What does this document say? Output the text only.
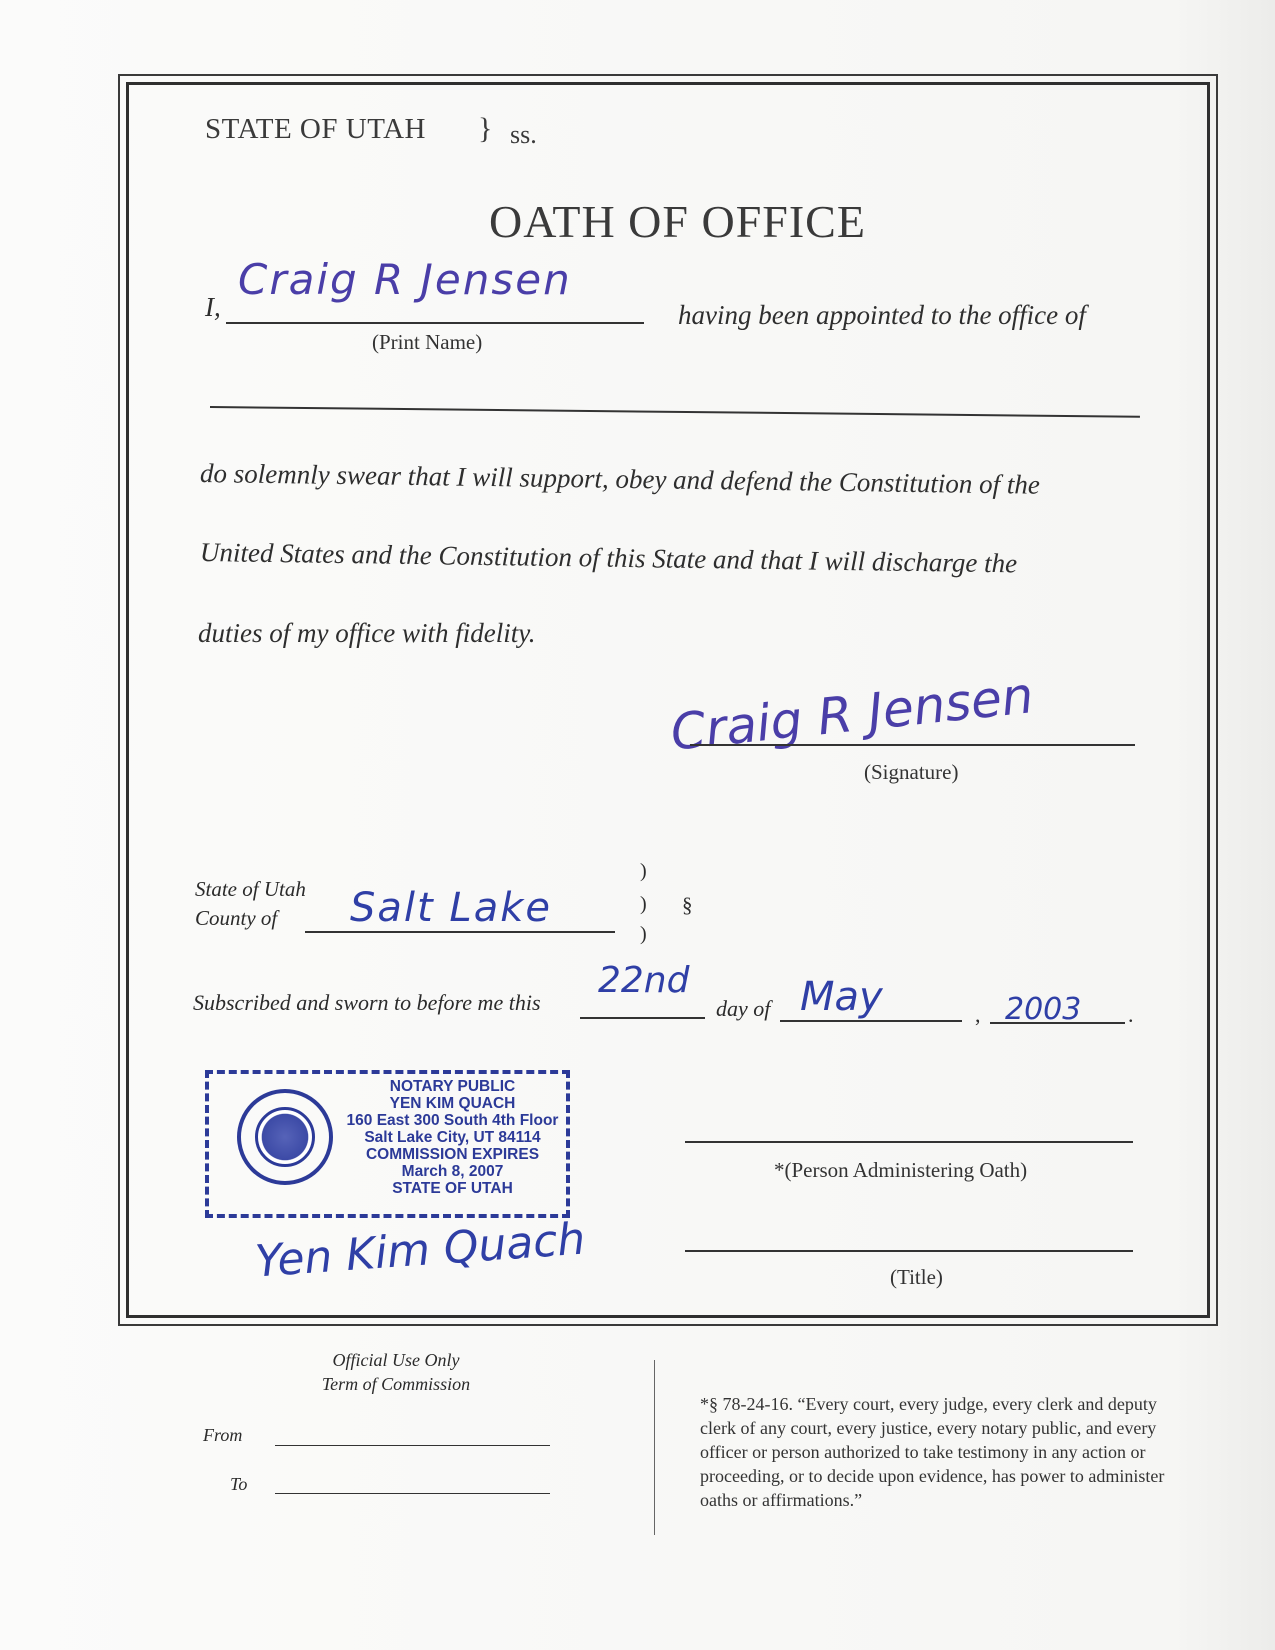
STATE OF UTAH } ss.
OATH OF OFFICE
I,
Craig R Jensen
(Print Name)
having been appointed to the office of
do solemnly swear that I will support, obey and defend the Constitution of the
United States and the Constitution of this State and that I will discharge the
duties of my office with fidelity.
Craig R Jensen
(Signature)
State of Utah
County of Salt Lake
)
)
)
§
Subscribed and sworn to before me this
22nd
day of May	, 2003 .
NOTARY PUBLIC
YEN KIM QUACH
160 East 300 South 4th Floor
Salt Lake City, UT 84114
COMMISSION EXPIRES
March 8, 2007
STATE OF UTAH
Yen Kim Quach
*(Person Administering Oath)
(Title)
Official Use Only
Term of Commission
From
To
*§ 78-24-16. “Every court, every judge, every clerk and deputy clerk of any court, every justice, every notary public, and every officer or person authorized to take testimony in any action or proceeding, or to decide upon evidence, has power to administer oaths or affirmations.”
